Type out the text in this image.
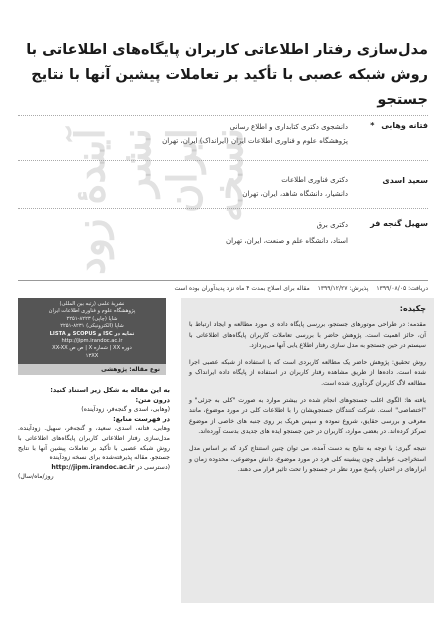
مدل‌سازی رفتار اطلاعاتی کاربران پایگاه‌های اطلاعاتی با روش شبکه عصبی با تأکید بر تعاملات پیشین آنها با نتایج جستجو
فتانه وهابی *
دانشجوی دکتری کتابداری و اطلاع رسانی
پژوهشگاه علوم و فناوری اطلاعات ایران (ایرانداک) ایران، تهران
سعید اسدی
دکتری فناوری اطلاعات
دانشیار، دانشگاه شاهد، ایران، تهران
سهیل گنجه فر
دکتری برق
استاد، دانشگاه علم و صنعت، ایران، تهران
آیندۀ زود نشر ایران نسخه
دریافت: ۱۳۹۹/۰۸/۰۵ پذیرش: ۱۳۹۹/۱۲/۲۷ مقاله برای اصلاح بمدت ۴ ماه نزد پدیدآوران بوده است
چکیده:

مقدمه: در طراحی موتورهای جستجو، بررسی پایگاه داده ی مورد مطالعه و ایجاد ارتباط با آن، حائز اهمیت است. پژوهش حاضر با بررسی تعاملات کاربران پایگاه‌های اطلاعاتی با سیستم در حین جستجو به مدل سازی رفتار اطلاع یابی آنها می‌پردازد.

روش تحقیق: پژوهش حاضر یک مطالعه کاربردی است که با استفاده از شبکه عصبی اجرا شده است. داده‌ها از طریق مشاهده رفتار کاربران در استفاده از پایگاه داده ایرانداک و مطالعه لاگ کاربران گردآوری شده است.

یافته ها: الگوی اغلب جستجوهای انجام شده در بیشتر موارد به صورت "کلی به جزئی" و "اختصاصی" است. شرکت کنندگان جستجویشان را با اطلاعات کلی در مورد موضوع، مانند معرفی و بررسی حقایق، شروع نموده و سپس هریک بر روی جنبه های خاصی از موضوع تمرکز کرده‌اند. در بعضی موارد، کاربران در حین جستجو ایده های جدیدی بدست آورده‌اند.

نتیجه گیری: با توجه به نتایج به دست آمده، می توان چنین استنتاج کرد که بر اساس مدل استخراجی، عواملی چون پیشینه کلی فرد در مورد موضوع، دانش موضوعی، محدوده زمان و ابزارهای در اختیار، پاسخ مورد نظر در جستجو را تحت تاثیر قرار می دهند.

نشریهٔ علمی (رتبه بین المللی)
پژوهشگاه علوم و فناوری اطلاعات ایران
شاپا (چاپی) ۸۲۲۳-۲۲۵۱
شاپا (الکترونیکی) ۸۲۳۱-۲۲۵۱
نمایه در ISC و SCOPUS و LISTA
http://jipm.irandoc.ac.ir
دوره XX | شماره X | ص ص XX-XX
۱۳XX
نوع مقاله: پژوهشی

به این مقاله به شکل زیر استناد کنید:

درون متن:

(وهابی، اسدی و گنجه‌فر، زودآینده)

در فهرست منابع:

وهابی، فتانه، اسدی، سعید، و گنجه‌فر، سهیل. زودآینده. مدل‌سازی رفتار اطلاعاتی کاربران پایگاه‌های اطلاعاتی با روش شبکه عصبی با تأکید بر تعاملات پیشین آنها با نتایج جستجو. مقاله پذیرفته‌شده برای نسخه زودآینده

(دسترسی در http://jipm.irandoc.ac.ir

روز/ماه/سال)
